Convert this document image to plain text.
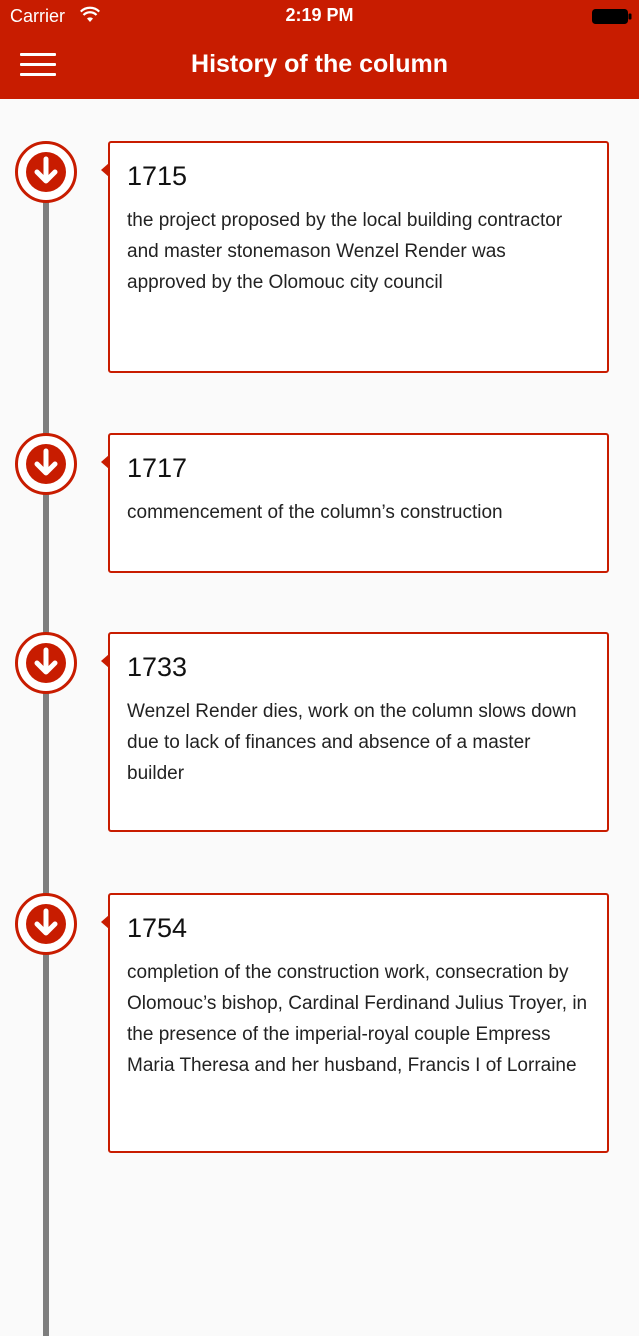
Carrier	2:19 PM
History of the column
1715
the project proposed by the local building contractor and master stonemason Wenzel Render was approved by the Olomouc city council
1717
commencement of the column’s construction
1733
Wenzel Render dies, work on the column slows down due to lack of finances and absence of a master builder
1754
completion of the construction work, consecration by Olomouc’s bishop, Cardinal Ferdinand Julius Troyer, in the presence of the imperial-royal couple Empress Maria Theresa and her husband, Francis I of Lorraine
